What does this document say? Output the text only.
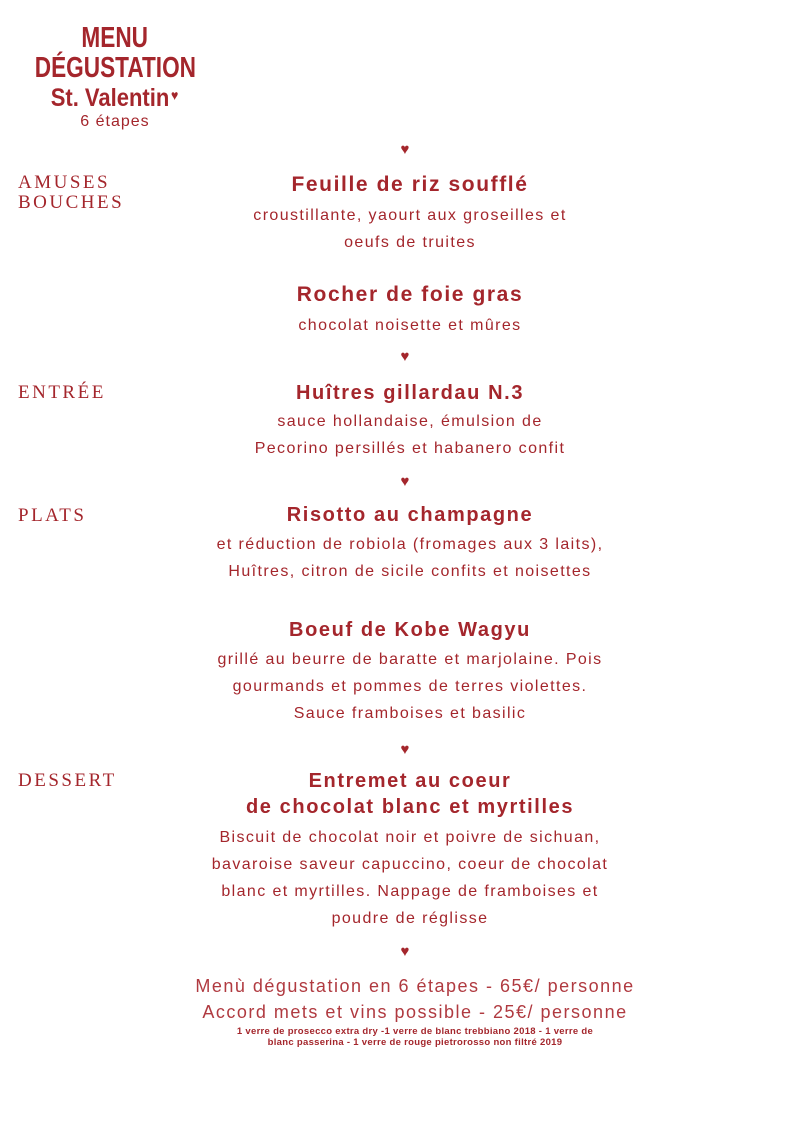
MENU
DÉGUSTATION
St. Valentin ♥
6 étapes
♥
♥
♥
♥
♥
AMUSES
BOUCHES
ENTRÉE
PLATS
DESSERT
Feuille de riz soufflé
croustillante, yaourt aux groseilles et
oeufs de truites
Rocher de foie gras
chocolat noisette et mûres
Huîtres gillardau N.3
sauce hollandaise, émulsion de
Pecorino persillés et habanero confit
Risotto au champagne
et réduction de robiola (fromages aux 3 laits),
Huîtres, citron de sicile confits et noisettes
Boeuf de Kobe Wagyu
grillé au beurre de baratte et marjolaine. Pois
gourmands et pommes de terres violettes.
Sauce framboises et basilic
Entremet au coeur
de chocolat blanc et myrtilles
Biscuit de chocolat noir et poivre de sichuan,
bavaroise saveur capuccino, coeur de chocolat
blanc et myrtilles. Nappage de framboises et
poudre de réglisse
Menù dégustation en 6 étapes - 65€/ personne
Accord mets et vins possible - 25€/ personne
1 verre de prosecco extra dry -1 verre de blanc trebbiano 2018 - 1 verre de
blanc passerina - 1 verre de rouge pietrorosso non filtré 2019
